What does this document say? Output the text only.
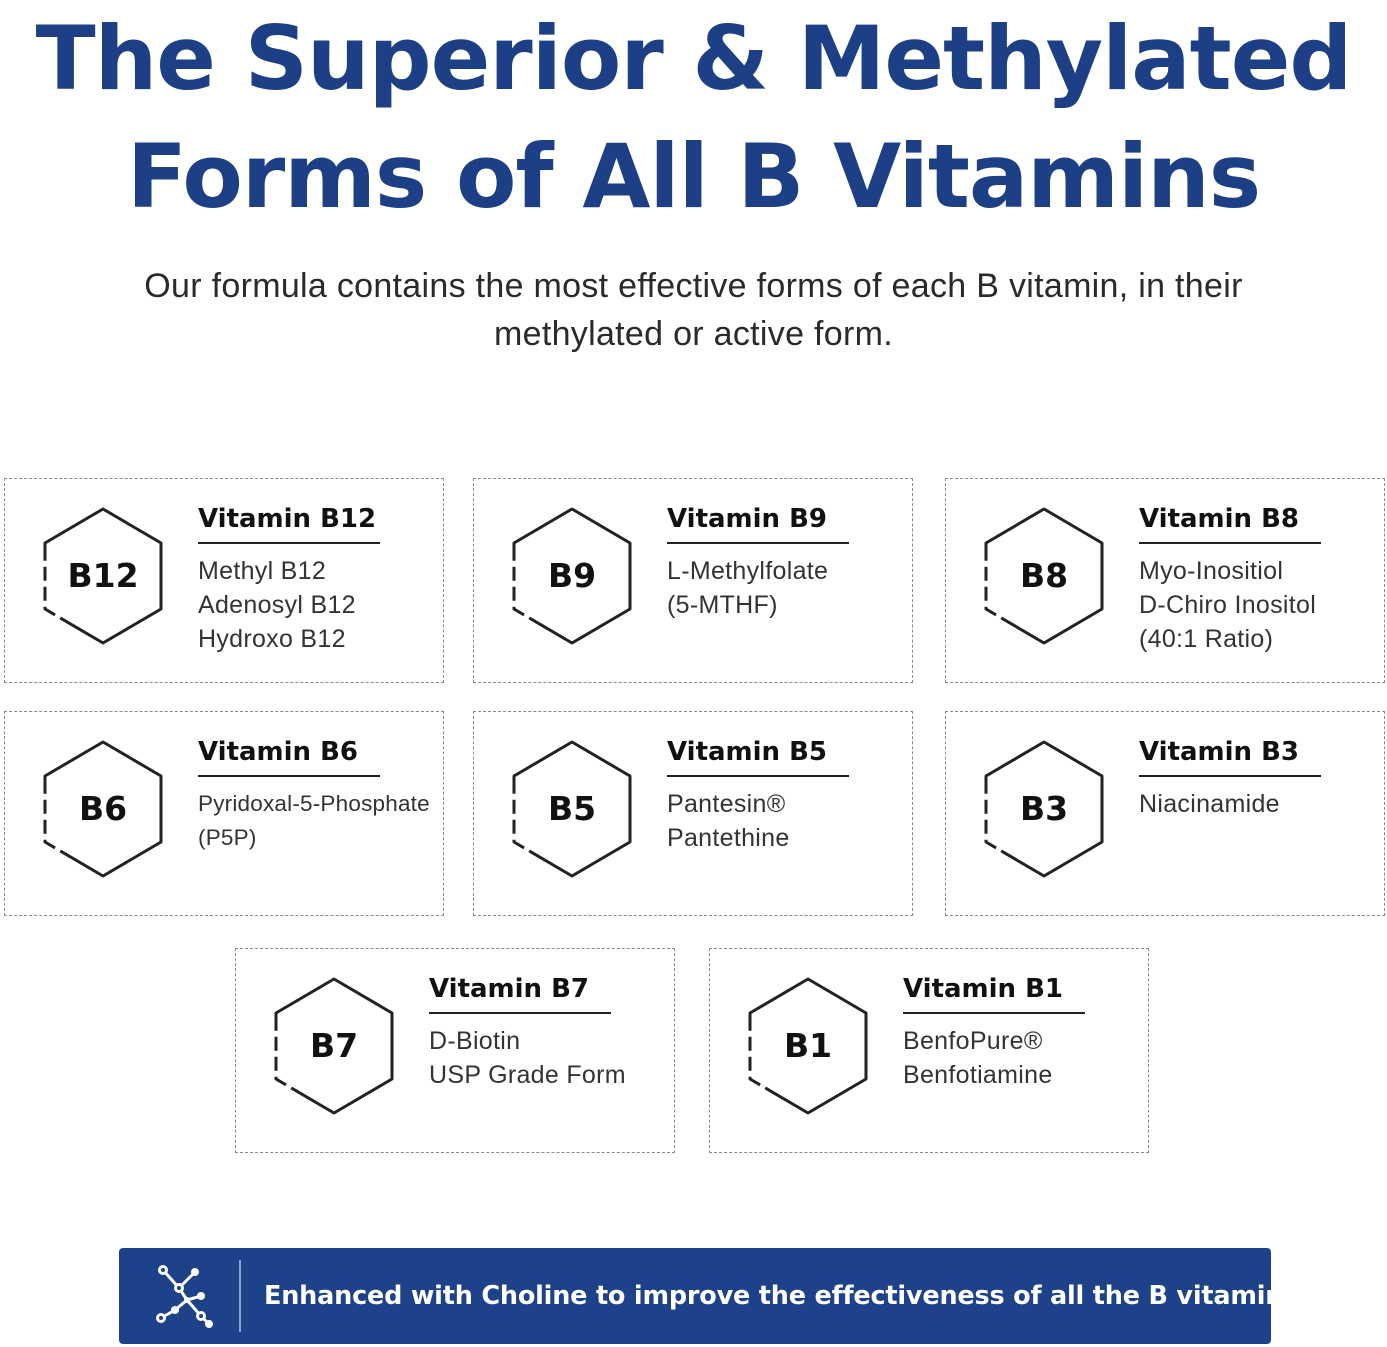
The Superior & Methylated
Forms of All B Vitamins

Our formula contains the most effective forms of each B vitamin, in their
methylated or active form.

B12
Vitamin B12
Methyl B12
Adenosyl B12
Hydroxo B12
B9
Vitamin B9
L-Methylfolate
(5-MTHF)
B8
Vitamin B8
Myo-Inositiol
D-Chiro Inositol
(40:1 Ratio)
B6
Vitamin B6
Pyridoxal-5-Phosphate
(P5P)
B5
Vitamin B5
Pantesin®
Pantethine
B3
Vitamin B3
Niacinamide
B7
Vitamin B7
D-Biotin
USP Grade Form
B1
Vitamin B1
BenfoPure®
Benfotiamine
Enhanced with Choline to improve the effectiveness of all the B vitamins.
